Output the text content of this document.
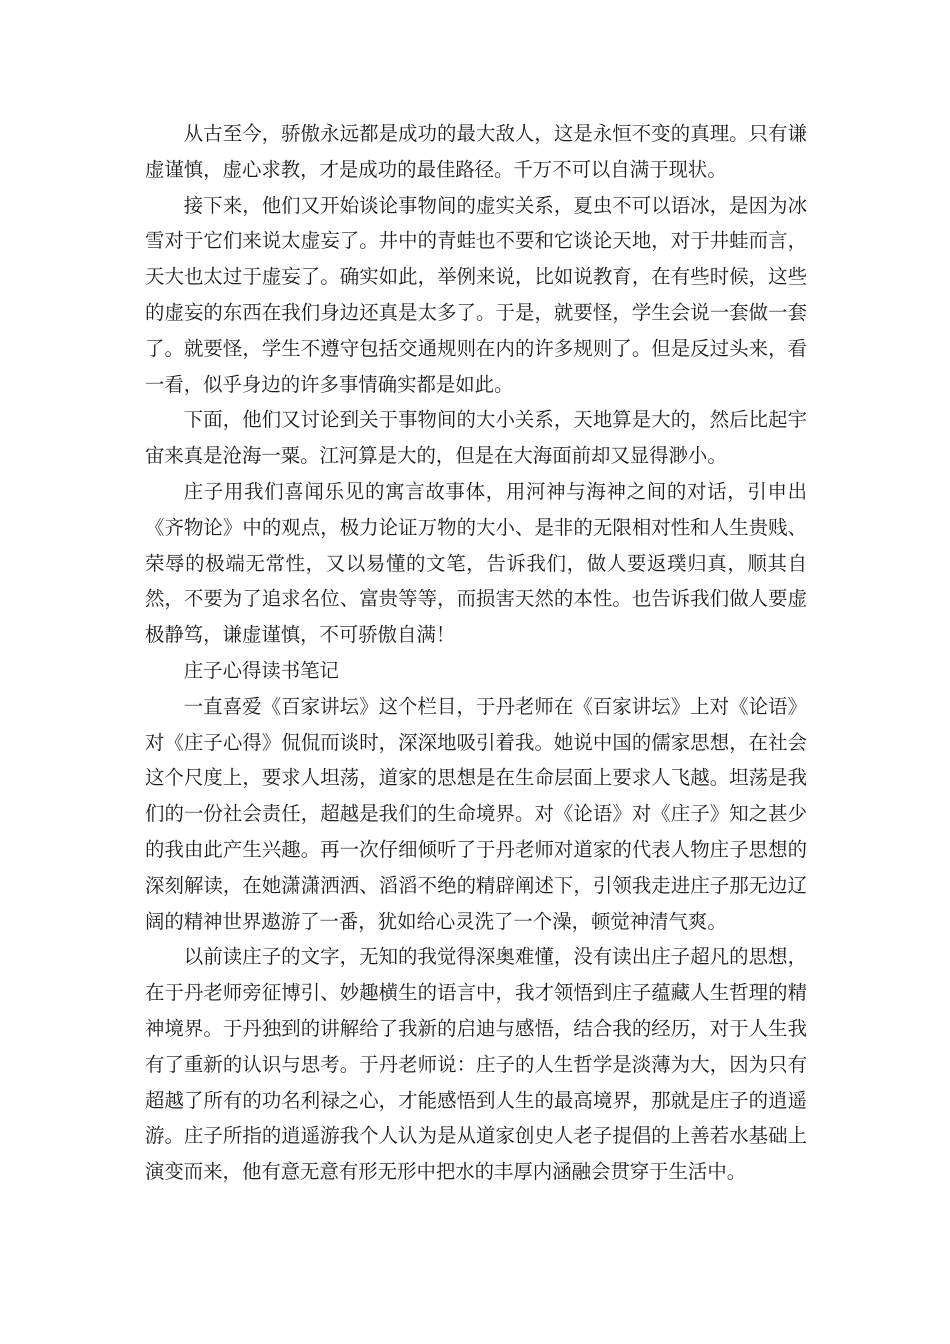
从古至今，骄傲永远都是成功的最大敌人，这是永恒不变的真理。只有谦虚谨慎，虚心求教，才是成功的最佳路径。千万不可以自满于现状。

接下来，他们又开始谈论事物间的虚实关系，夏虫不可以语冰，是因为冰雪对于它们来说太虚妄了。井中的青蛙也不要和它谈论天地，对于井蛙而言，天大也太过于虚妄了。确实如此，举例来说，比如说教育，在有些时候，这些的虚妄的东西在我们身边还真是太多了。于是，就要怪，学生会说一套做一套了。就要怪，学生不遵守包括交通规则在内的许多规则了。但是反过头来，看一看，似乎身边的许多事情确实都是如此。

下面，他们又讨论到关于事物间的大小关系，天地算是大的，然后比起宇宙来真是沧海一粟。江河算是大的，但是在大海面前却又显得渺小。

庄子用我们喜闻乐见的寓言故事体，用河神与海神之间的对话，引申出《齐物论》中的观点，极力论证万物的大小、是非的无限相对性和人生贵贱、荣辱的极端无常性，又以易懂的文笔，告诉我们，做人要返璞归真，顺其自然，不要为了追求名位、富贵等等，而损害天然的本性。也告诉我们做人要虚极静笃，谦虚谨慎，不可骄傲自满！

庄子心得读书笔记

一直喜爱《百家讲坛》这个栏目，于丹老师在《百家讲坛》上对《论语》对《庄子心得》侃侃而谈时，深深地吸引着我。她说中国的儒家思想，在社会这个尺度上，要求人坦荡，道家的思想是在生命层面上要求人飞越。坦荡是我们的一份社会责任，超越是我们的生命境界。对《论语》对《庄子》知之甚少的我由此产生兴趣。再一次仔细倾听了于丹老师对道家的代表人物庄子思想的深刻解读，在她潇潇洒洒、滔滔不绝的精辟阐述下，引领我走进庄子那无边辽阔的精神世界遨游了一番，犹如给心灵洗了一个澡，顿觉神清气爽。

以前读庄子的文字，无知的我觉得深奥难懂，没有读出庄子超凡的思想，在于丹老师旁征博引、妙趣横生的语言中，我才领悟到庄子蕴藏人生哲理的精神境界。于丹独到的讲解给了我新的启迪与感悟，结合我的经历，对于人生我有了重新的认识与思考。于丹老师说：庄子的人生哲学是淡薄为大，因为只有超越了所有的功名利禄之心，才能感悟到人生的最高境界，那就是庄子的逍遥游。庄子所指的逍遥游我个人认为是从道家创史人老子提倡的上善若水基础上演变而来，他有意无意有形无形中把水的丰厚内涵融会贯穿于生活中。
